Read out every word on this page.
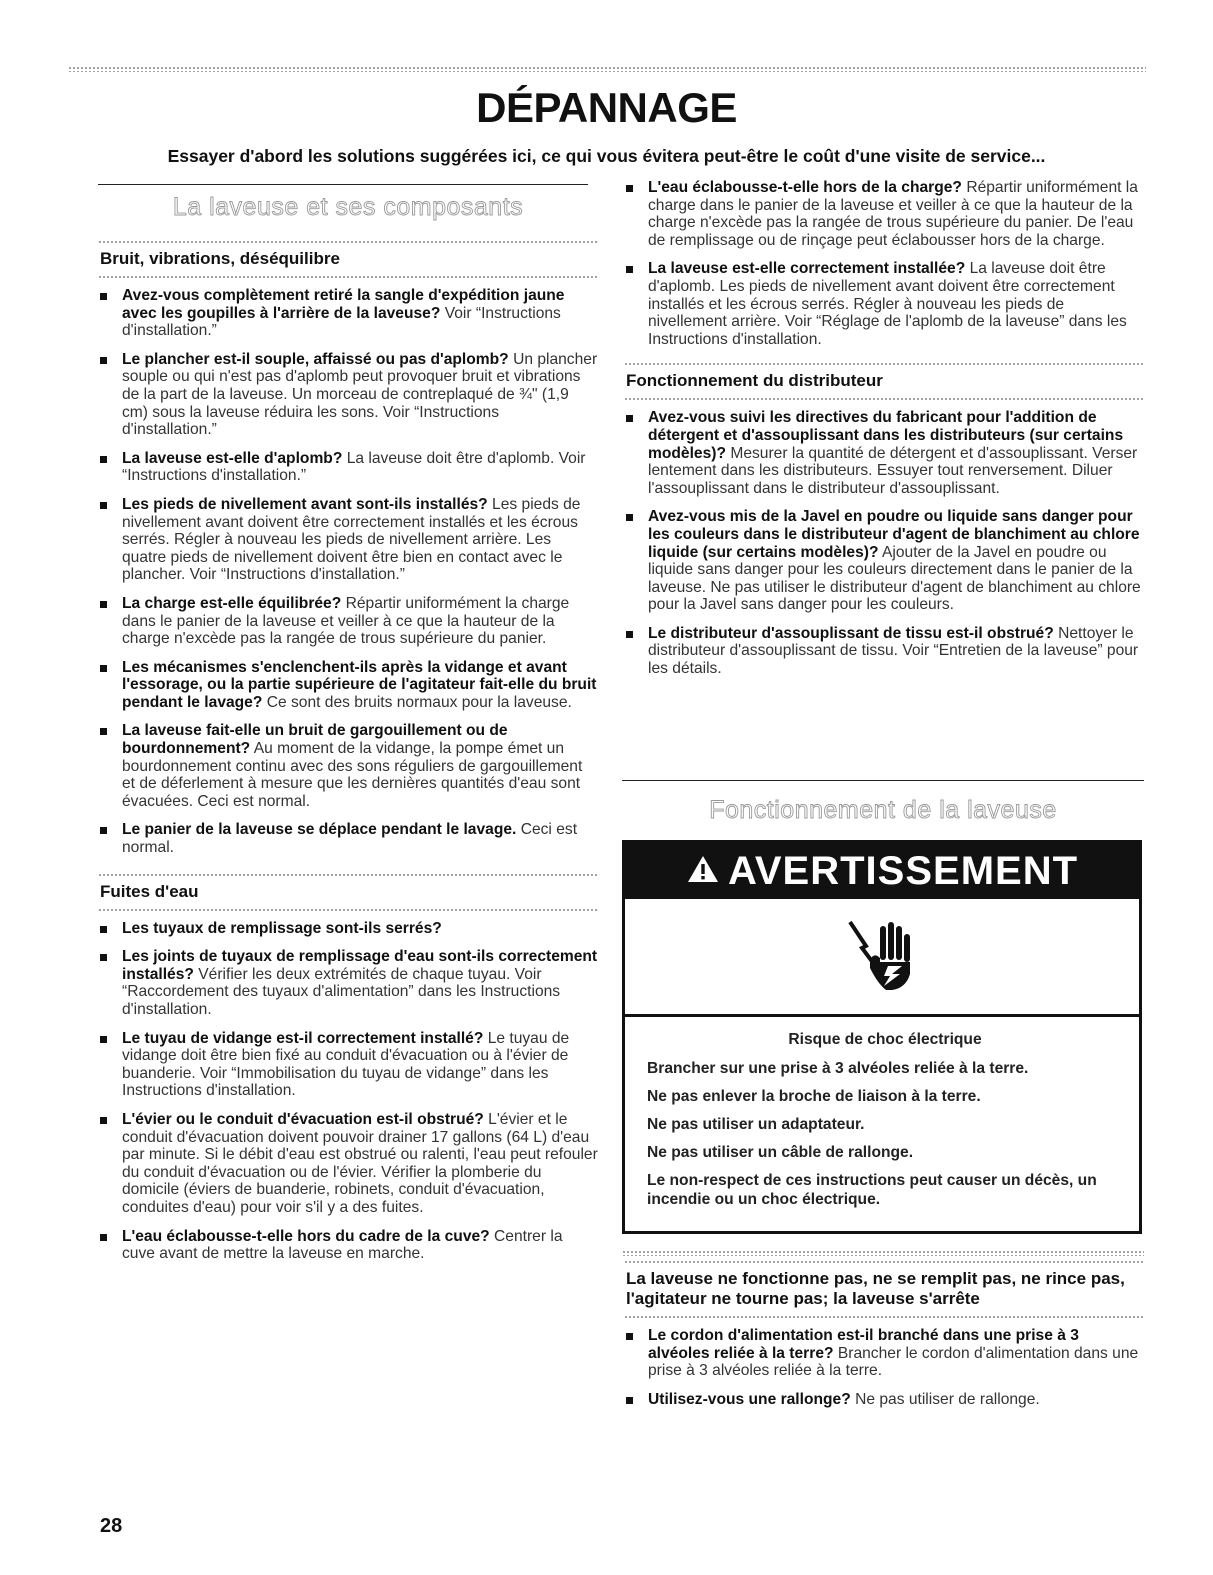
DÉPANNAGE
Essayer d'abord les solutions suggérées ici, ce qui vous évitera peut-être le coût d'une visite de service...
La laveuse et ses composants
Bruit, vibrations, déséquilibre
Avez-vous complètement retiré la sangle d'expédition jaune avec les goupilles à l'arrière de la laveuse? Voir “Instructions d'installation.”
Le plancher est-il souple, affaissé ou pas d'aplomb? Un plancher souple ou qui n'est pas d'aplomb peut provoquer bruit et vibrations de la part de la laveuse. Un morceau de contreplaqué de ¾" (1,9 cm) sous la laveuse réduira les sons. Voir “Instructions d'installation.”
La laveuse est-elle d'aplomb? La laveuse doit être d'aplomb. Voir “Instructions d'installation.”
Les pieds de nivellement avant sont-ils installés? Les pieds de nivellement avant doivent être correctement installés et les écrous serrés. Régler à nouveau les pieds de nivellement arrière. Les quatre pieds de nivellement doivent être bien en contact avec le plancher. Voir “Instructions d'installation.”
La charge est-elle équilibrée? Répartir uniformément la charge dans le panier de la laveuse et veiller à ce que la hauteur de la charge n'excède pas la rangée de trous supérieure du panier.
Les mécanismes s'enclenchent-ils après la vidange et avant l'essorage, ou la partie supérieure de l'agitateur fait-elle du bruit pendant le lavage? Ce sont des bruits normaux pour la laveuse.
La laveuse fait-elle un bruit de gargouillement ou de bourdonnement? Au moment de la vidange, la pompe émet un bourdonnement continu avec des sons réguliers de gargouillement et de déferlement à mesure que les dernières quantités d'eau sont évacuées. Ceci est normal.
Le panier de la laveuse se déplace pendant le lavage. Ceci est normal.
Fuites d'eau
Les tuyaux de remplissage sont-ils serrés?
Les joints de tuyaux de remplissage d'eau sont-ils correctement installés? Vérifier les deux extrémités de chaque tuyau. Voir “Raccordement des tuyaux d'alimentation” dans les Instructions d'installation.
Le tuyau de vidange est-il correctement installé? Le tuyau de vidange doit être bien fixé au conduit d'évacuation ou à l'évier de buanderie. Voir “Immobilisation du tuyau de vidange” dans les Instructions d'installation.
L'évier ou le conduit d'évacuation est-il obstrué? L'évier et le conduit d'évacuation doivent pouvoir drainer 17 gallons (64 L) d'eau par minute. Si le débit d'eau est obstrué ou ralenti, l'eau peut refouler du conduit d'évacuation ou de l'évier. Vérifier la plomberie du domicile (éviers de buanderie, robinets, conduit d'évacuation, conduites d'eau) pour voir s'il y a des fuites.
L'eau éclabousse-t-elle hors du cadre de la cuve? Centrer la cuve avant de mettre la laveuse en marche.
L'eau éclabousse-t-elle hors de la charge? Répartir uniformément la charge dans le panier de la laveuse et veiller à ce que la hauteur de la charge n'excède pas la rangée de trous supérieure du panier. De l'eau de remplissage ou de rinçage peut éclabousser hors de la charge.
La laveuse est-elle correctement installée? La laveuse doit être d'aplomb. Les pieds de nivellement avant doivent être correctement installés et les écrous serrés. Régler à nouveau les pieds de nivellement arrière. Voir “Réglage de l'aplomb de la laveuse” dans les Instructions d'installation.
Fonctionnement du distributeur
Avez-vous suivi les directives du fabricant pour l'addition de détergent et d'assouplissant dans les distributeurs (sur certains modèles)? Mesurer la quantité de détergent et d'assouplissant. Verser lentement dans les distributeurs. Essuyer tout renversement. Diluer l'assouplissant dans le distributeur d'assouplissant.
Avez-vous mis de la Javel en poudre ou liquide sans danger pour les couleurs dans le distributeur d'agent de blanchiment au chlore liquide (sur certains modèles)? Ajouter de la Javel en poudre ou liquide sans danger pour les couleurs directement dans le panier de la laveuse. Ne pas utiliser le distributeur d'agent de blanchiment au chlore pour la Javel sans danger pour les couleurs.
Le distributeur d'assouplissant de tissu est-il obstrué? Nettoyer le distributeur d'assouplissant de tissu. Voir “Entretien de la laveuse” pour les détails.
Fonctionnement de la laveuse
AVERTISSEMENT
Risque de choc électrique

Brancher sur une prise à 3 alvéoles reliée à la terre.

Ne pas enlever la broche de liaison à la terre.

Ne pas utiliser un adaptateur.

Ne pas utiliser un câble de rallonge.

Le non-respect de ces instructions peut causer un décès, un incendie ou un choc électrique.

La laveuse ne fonctionne pas, ne se remplit pas, ne rince pas, l'agitateur ne tourne pas; la laveuse s'arrête
Le cordon d'alimentation est-il branché dans une prise à 3 alvéoles reliée à la terre? Brancher le cordon d'alimentation dans une prise à 3 alvéoles reliée à la terre.
Utilisez-vous une rallonge? Ne pas utiliser de rallonge.
28
